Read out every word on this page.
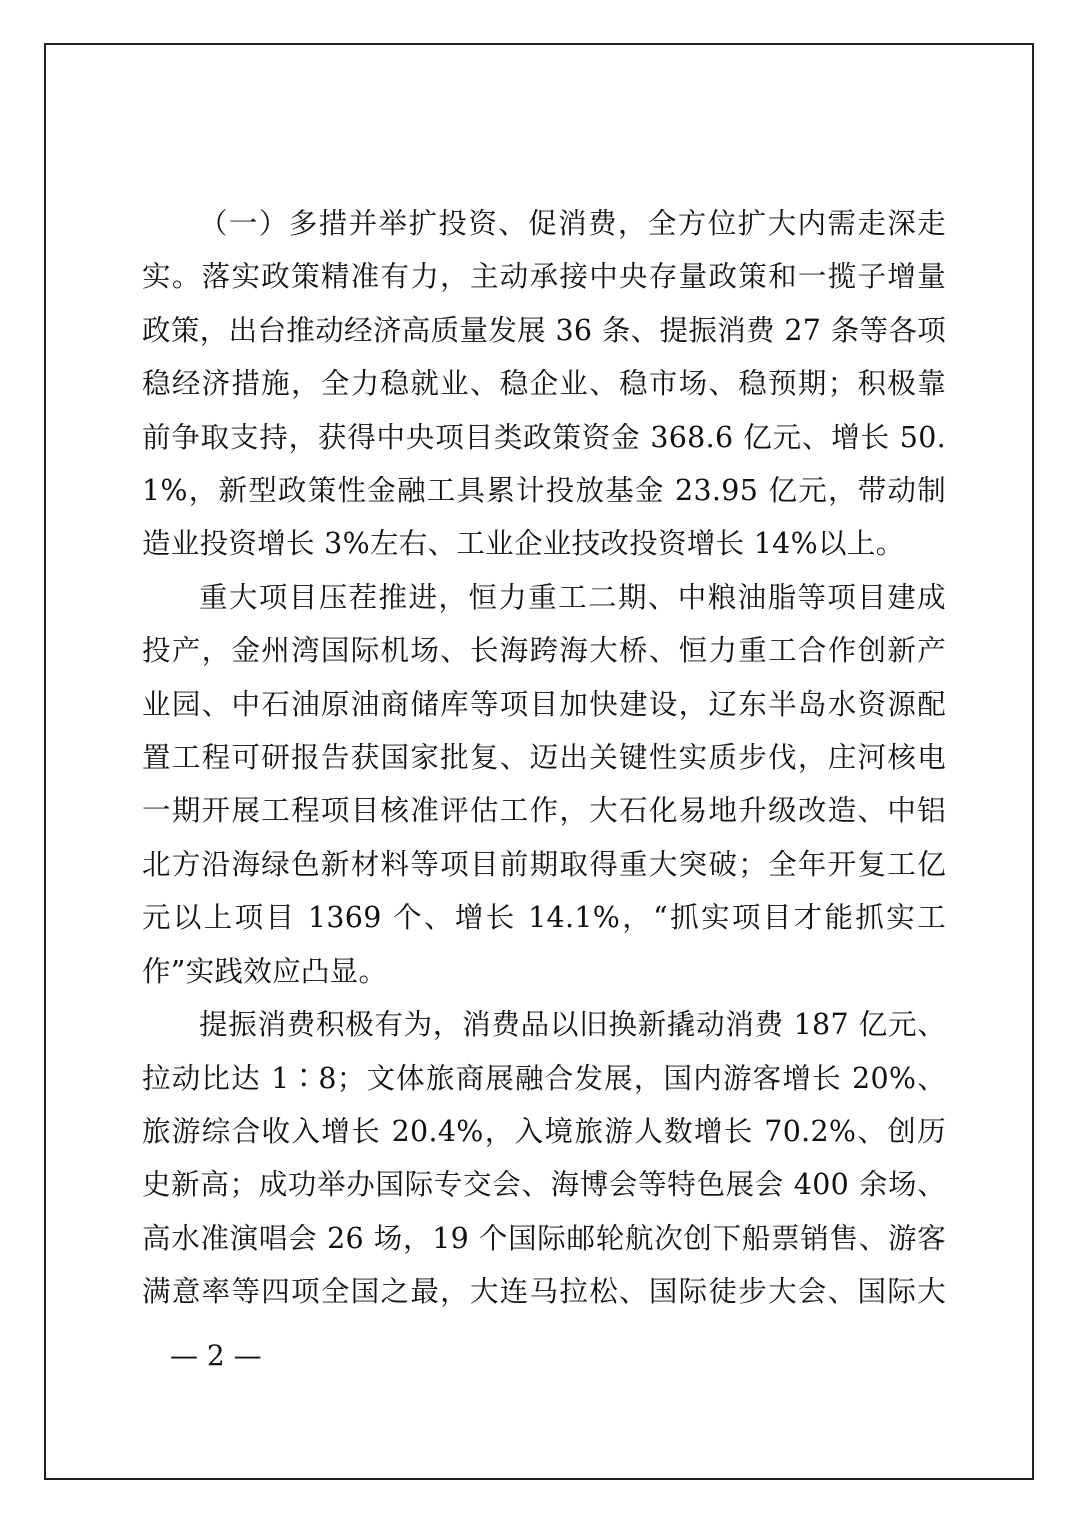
（一）多措并举扩投资、促消费，全方位扩大内需走深走实。落实政策精准有力，主动承接中央存量政策和一揽子增量政策，出台推动经济高质量发展 36 条、提振消费 27 条等各项稳经济措施，全力稳就业、稳企业、稳市场、稳预期；积极靠前争取支持，获得中央项目类政策资金 368.6 亿元、增长 50.1%，新型政策性金融工具累计投放基金 23.95 亿元，带动制造业投资增长 3%左右、工业企业技改投资增长 14%以上。

重大项目压茬推进，恒力重工二期、中粮油脂等项目建成投产，金州湾国际机场、长海跨海大桥、恒力重工合作创新产业园、中石油原油商储库等项目加快建设，辽东半岛水资源配置工程可研报告获国家批复、迈出关键性实质步伐，庄河核电一期开展工程项目核准评估工作，大石化易地升级改造、中铝北方沿海绿色新材料等项目前期取得重大突破；全年开复工亿元以上项目 1369 个、增长 14.1%，“抓实项目才能抓实工作”实践效应凸显。

提振消费积极有为，消费品以旧换新撬动消费 187 亿元、拉动比达 1∶8；文体旅商展融合发展，国内游客增长 20%、旅游综合收入增长 20.4%，入境旅游人数增长 70.2%、创历史新高；成功举办国际专交会、海博会等特色展会 400 余场、高水准演唱会 26 场，19 个国际邮轮航次创下船票销售、游客满意率等四项全国之最，大连马拉松、国际徒步大会、国际大

— 2 —
